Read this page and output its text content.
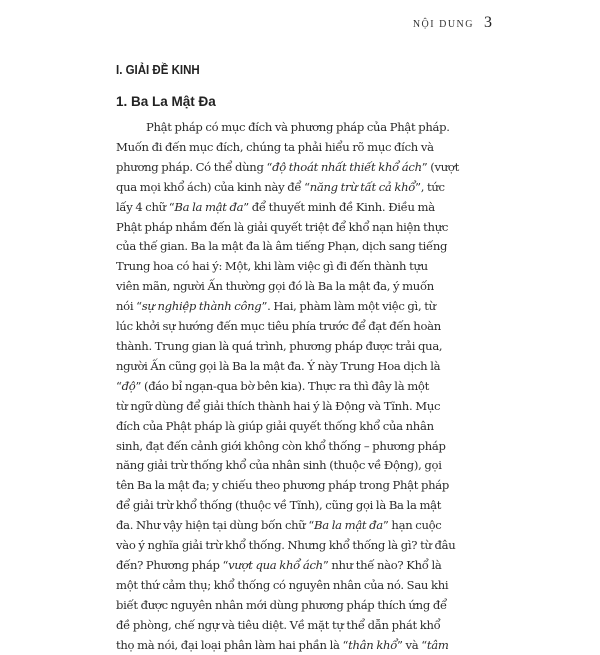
NỘI DUNG 3
I. GIẢI ĐỀ KINH
1. Ba La Mật Đa
Phật pháp có mục đích và phương pháp của Phật pháp.
Muốn đi đến mục đích, chúng ta phải hiểu rõ mục đích và
phương pháp. Có thể dùng “độ thoát nhất thiết khổ ách” (vượt
qua mọi khổ ách) của kinh này để “năng trừ tất cả khổ”, tức
lấy 4 chữ “Ba la mật đa” để thuyết minh đề Kinh. Điều mà
Phật pháp nhắm đến là giải quyết triệt để khổ nạn hiện thực
của thế gian. Ba la mật đa là âm tiếng Phạn, dịch sang tiếng
Trung hoa có hai ý: Một, khi làm việc gì đi đến thành tựu
viên mãn, người Ấn thường gọi đó là Ba la mật đa, ý muốn
nói “sự nghiệp thành công”. Hai, phàm làm một việc gì, từ
lúc khởi sự hướng đến mục tiêu phía trước để đạt đến hoàn
thành. Trung gian là quá trình, phương pháp được trải qua,
người Ấn cũng gọi là Ba la mật đa. Ý này Trung Hoa dịch là
“độ” (đáo bỉ ngạn-qua bờ bên kia). Thực ra thì đây là một
từ ngữ dùng để giải thích thành hai ý là Động và Tĩnh. Mục
đích của Phật pháp là giúp giải quyết thống khổ của nhân
sinh, đạt đến cảnh giới không còn khổ thống – phương pháp
năng giải trừ thống khổ của nhân sinh (thuộc về Động), gọi
tên Ba la mật đa; y chiếu theo phương pháp trong Phật pháp
để giải trừ khổ thống (thuộc về Tĩnh), cũng gọi là Ba la mật
đa. Như vậy hiện tại dùng bốn chữ “Ba la mật đa” hạn cuộc
vào ý nghĩa giải trừ khổ thống. Nhưng khổ thống là gì? từ đâu
đến? Phương pháp “vượt qua khổ ách” như thế nào? Khổ là
một thứ cảm thụ; khổ thống có nguyên nhân của nó. Sau khi
biết được nguyên nhân mới dùng phương pháp thích ứng để
đề phòng, chế ngự và tiêu diệt. Về mặt tự thể dẫn phát khổ
thọ mà nói, đại loại phân làm hai phần là “thân khổ” và “tâm
